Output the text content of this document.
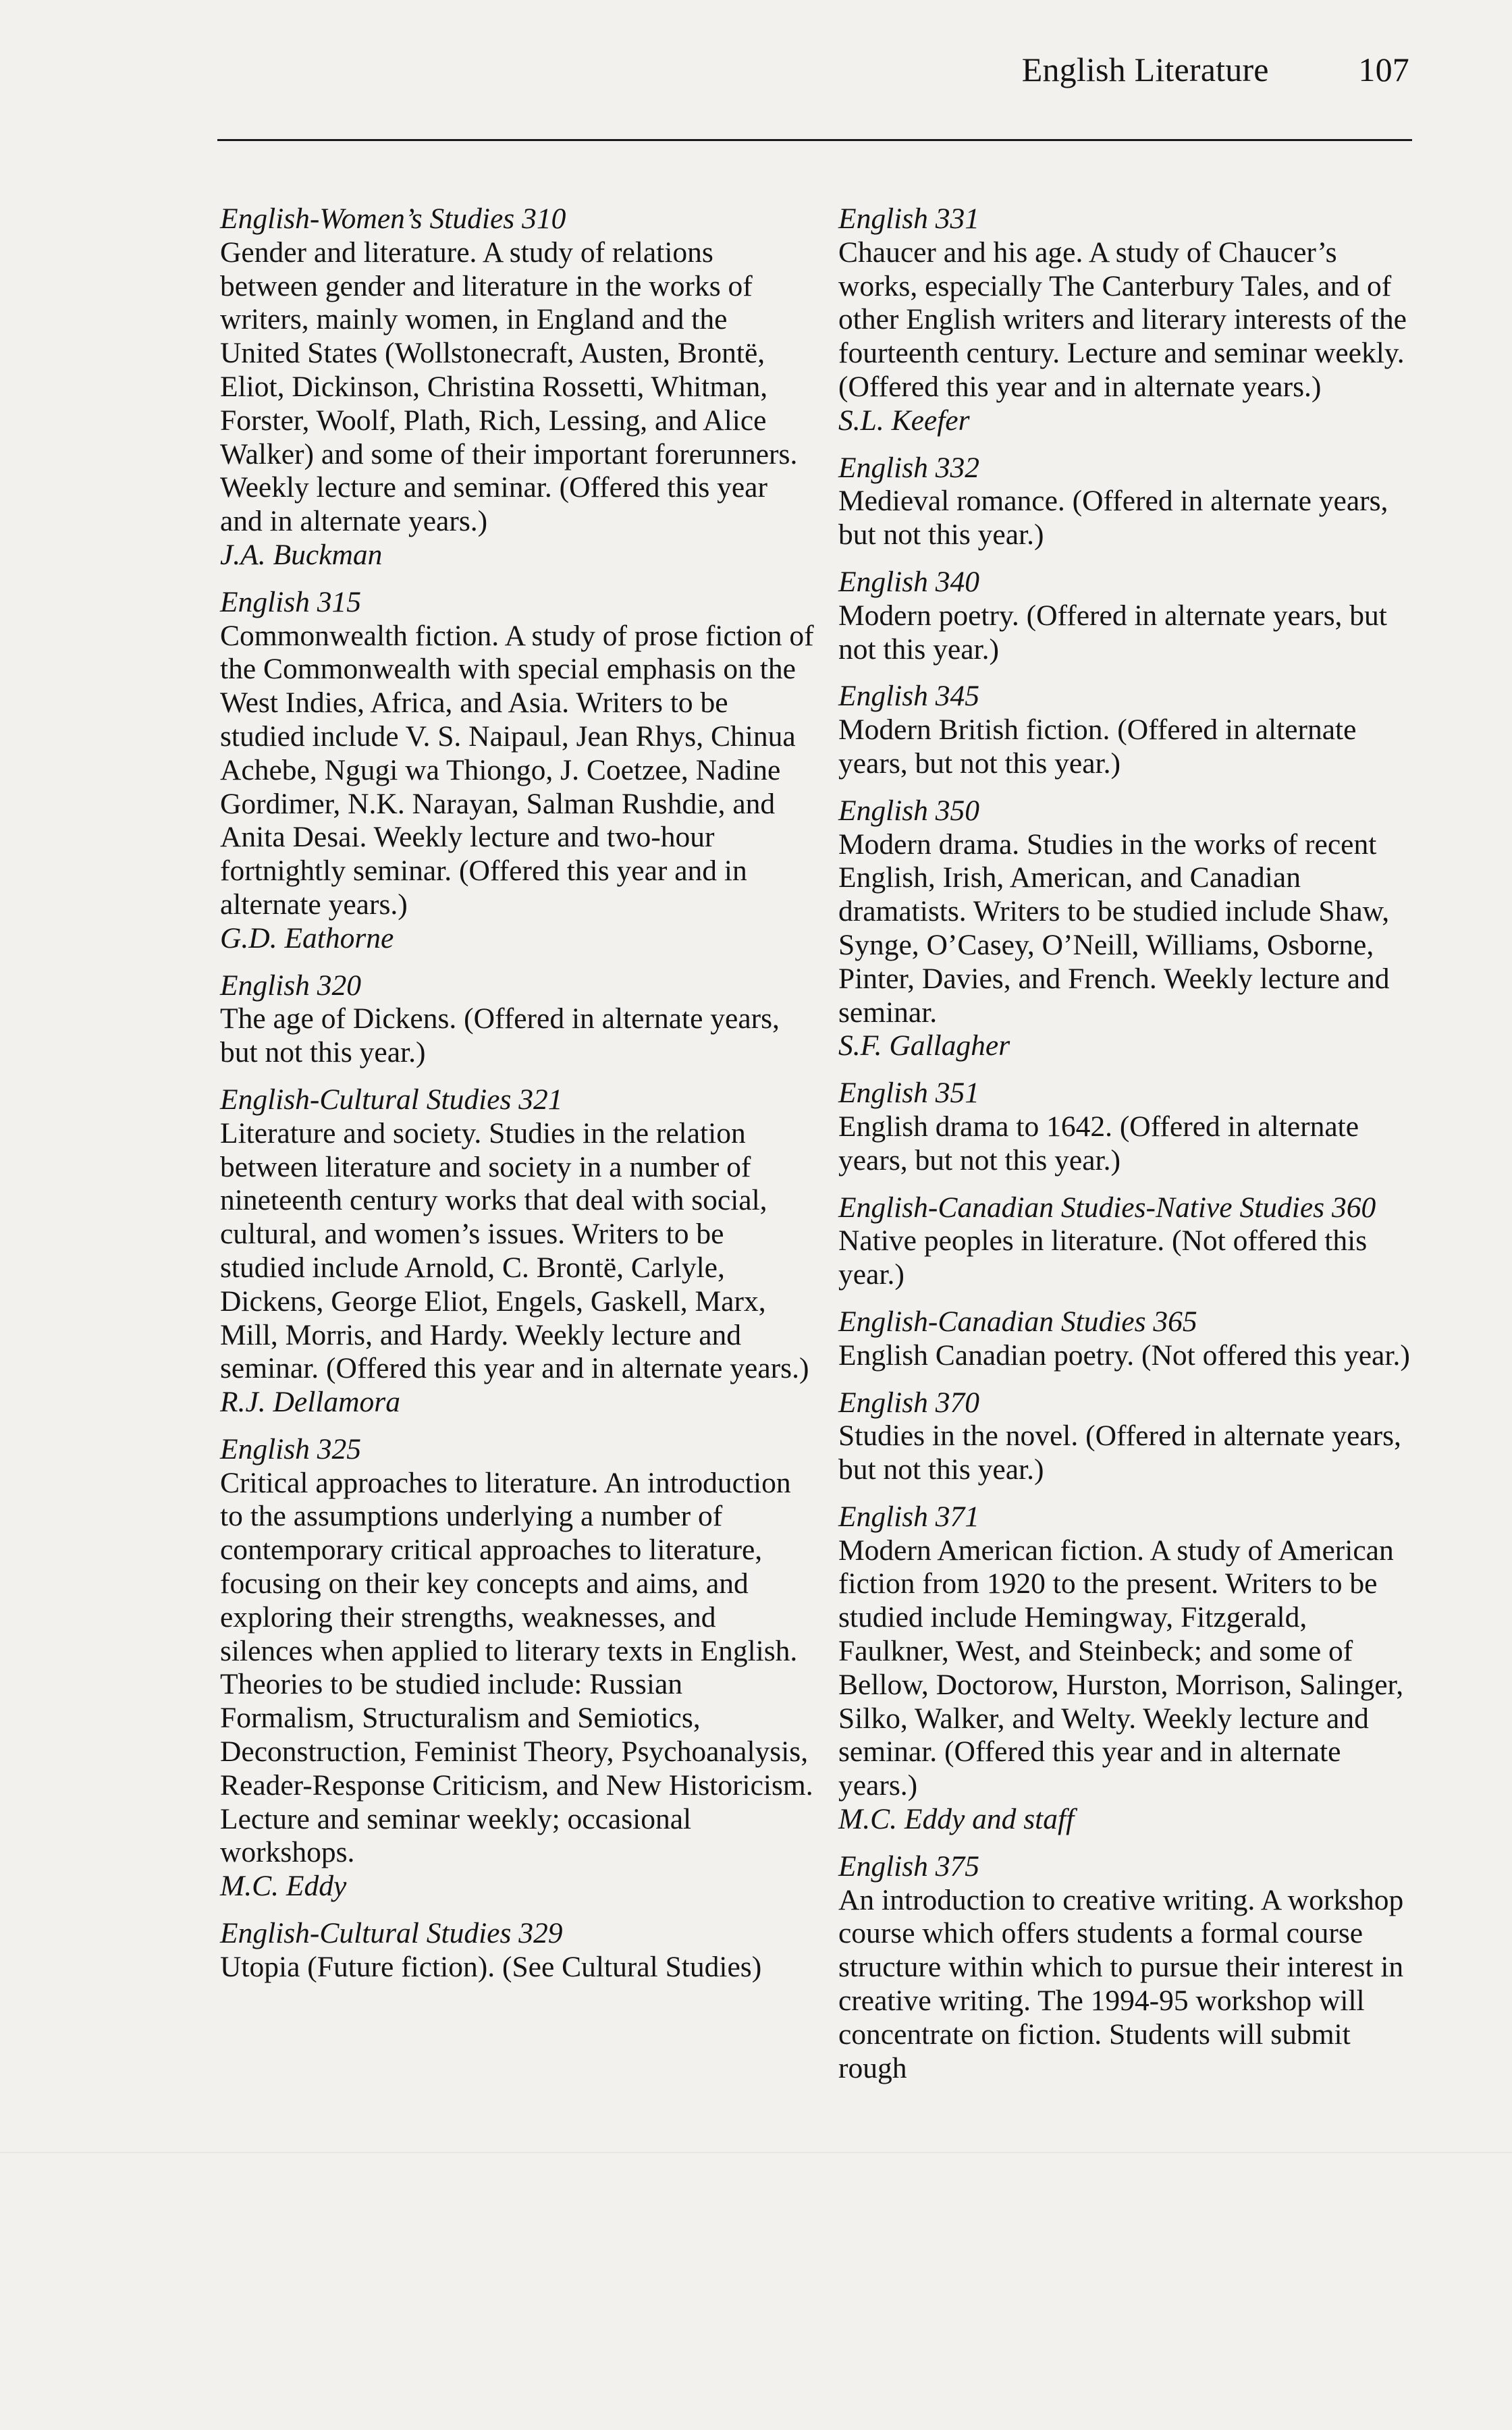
English Literature	107
English-Women’s Studies 310
Gender and literature. A study of relations between gender and literature in the works of writers, mainly women, in England and the United States (Wollstonecraft, Austen, Brontë, Eliot, Dickinson, Christina Rossetti, Whitman, Forster, Woolf, Plath, Rich, Lessing, and Alice Walker) and some of their important forerunners. Weekly lecture and seminar. (Offered this year and in alternate years.)
J.A. Buckman
English 315
Commonwealth fiction. A study of prose fiction of the Commonwealth with special emphasis on the West Indies, Africa, and Asia. Writers to be studied include V. S. Naipaul, Jean Rhys, Chinua Achebe, Ngugi wa Thiongo, J. Coetzee, Nadine Gordimer, N.K. Narayan, Salman Rushdie, and Anita Desai. Weekly lecture and two-hour fortnightly seminar. (Offered this year and in alternate years.)
G.D. Eathorne
English 320
The age of Dickens. (Offered in alternate years, but not this year.)
English-Cultural Studies 321
Literature and society. Studies in the relation between literature and society in a number of nineteenth century works that deal with social, cultural, and women’s issues. Writers to be studied include Arnold, C. Brontë, Carlyle, Dickens, George Eliot, Engels, Gaskell, Marx, Mill, Morris, and Hardy. Weekly lecture and seminar. (Offered this year and in alternate years.)
R.J. Dellamora
English 325
Critical approaches to literature. An introduction to the assumptions underlying a number of contemporary critical approaches to literature, focusing on their key concepts and aims, and exploring their strengths, weaknesses, and silences when applied to literary texts in English. Theories to be studied include: Russian Formalism, Structuralism and Semiotics, Deconstruction, Feminist Theory, Psychoanalysis, Reader-Response Criticism, and New Historicism. Lecture and seminar weekly; occasional workshops.
M.C. Eddy
English-Cultural Studies 329
Utopia (Future fiction). (See Cultural Studies)
English 331
Chaucer and his age. A study of Chaucer’s works, especially The Canterbury Tales, and of other English writers and literary interests of the fourteenth century. Lecture and seminar weekly. (Offered this year and in alternate years.)
S.L. Keefer
English 332
Medieval romance. (Offered in alternate years, but not this year.)
English 340
Modern poetry. (Offered in alternate years, but not this year.)
English 345
Modern British fiction. (Offered in alternate years, but not this year.)
English 350
Modern drama. Studies in the works of recent English, Irish, American, and Canadian dramatists. Writers to be studied include Shaw, Synge, O’Casey, O’Neill, Williams, Osborne, Pinter, Davies, and French. Weekly lecture and seminar.
S.F. Gallagher
English 351
English drama to 1642. (Offered in alternate years, but not this year.)
English-Canadian Studies-Native Studies 360
Native peoples in literature. (Not offered this year.)
English-Canadian Studies 365
English Canadian poetry. (Not offered this year.)
English 370
Studies in the novel. (Offered in alternate years, but not this year.)
English 371
Modern American fiction. A study of American fiction from 1920 to the present. Writers to be studied include Hemingway, Fitzgerald, Faulkner, West, and Steinbeck; and some of Bellow, Doctorow, Hurston, Morrison, Salinger, Silko, Walker, and Welty. Weekly lecture and seminar. (Offered this year and in alternate years.)
M.C. Eddy and staff
English 375
An introduction to creative writing. A workshop course which offers students a formal course structure within which to pursue their interest in creative writing. The 1994-95 workshop will concentrate on fiction. Students will submit rough
